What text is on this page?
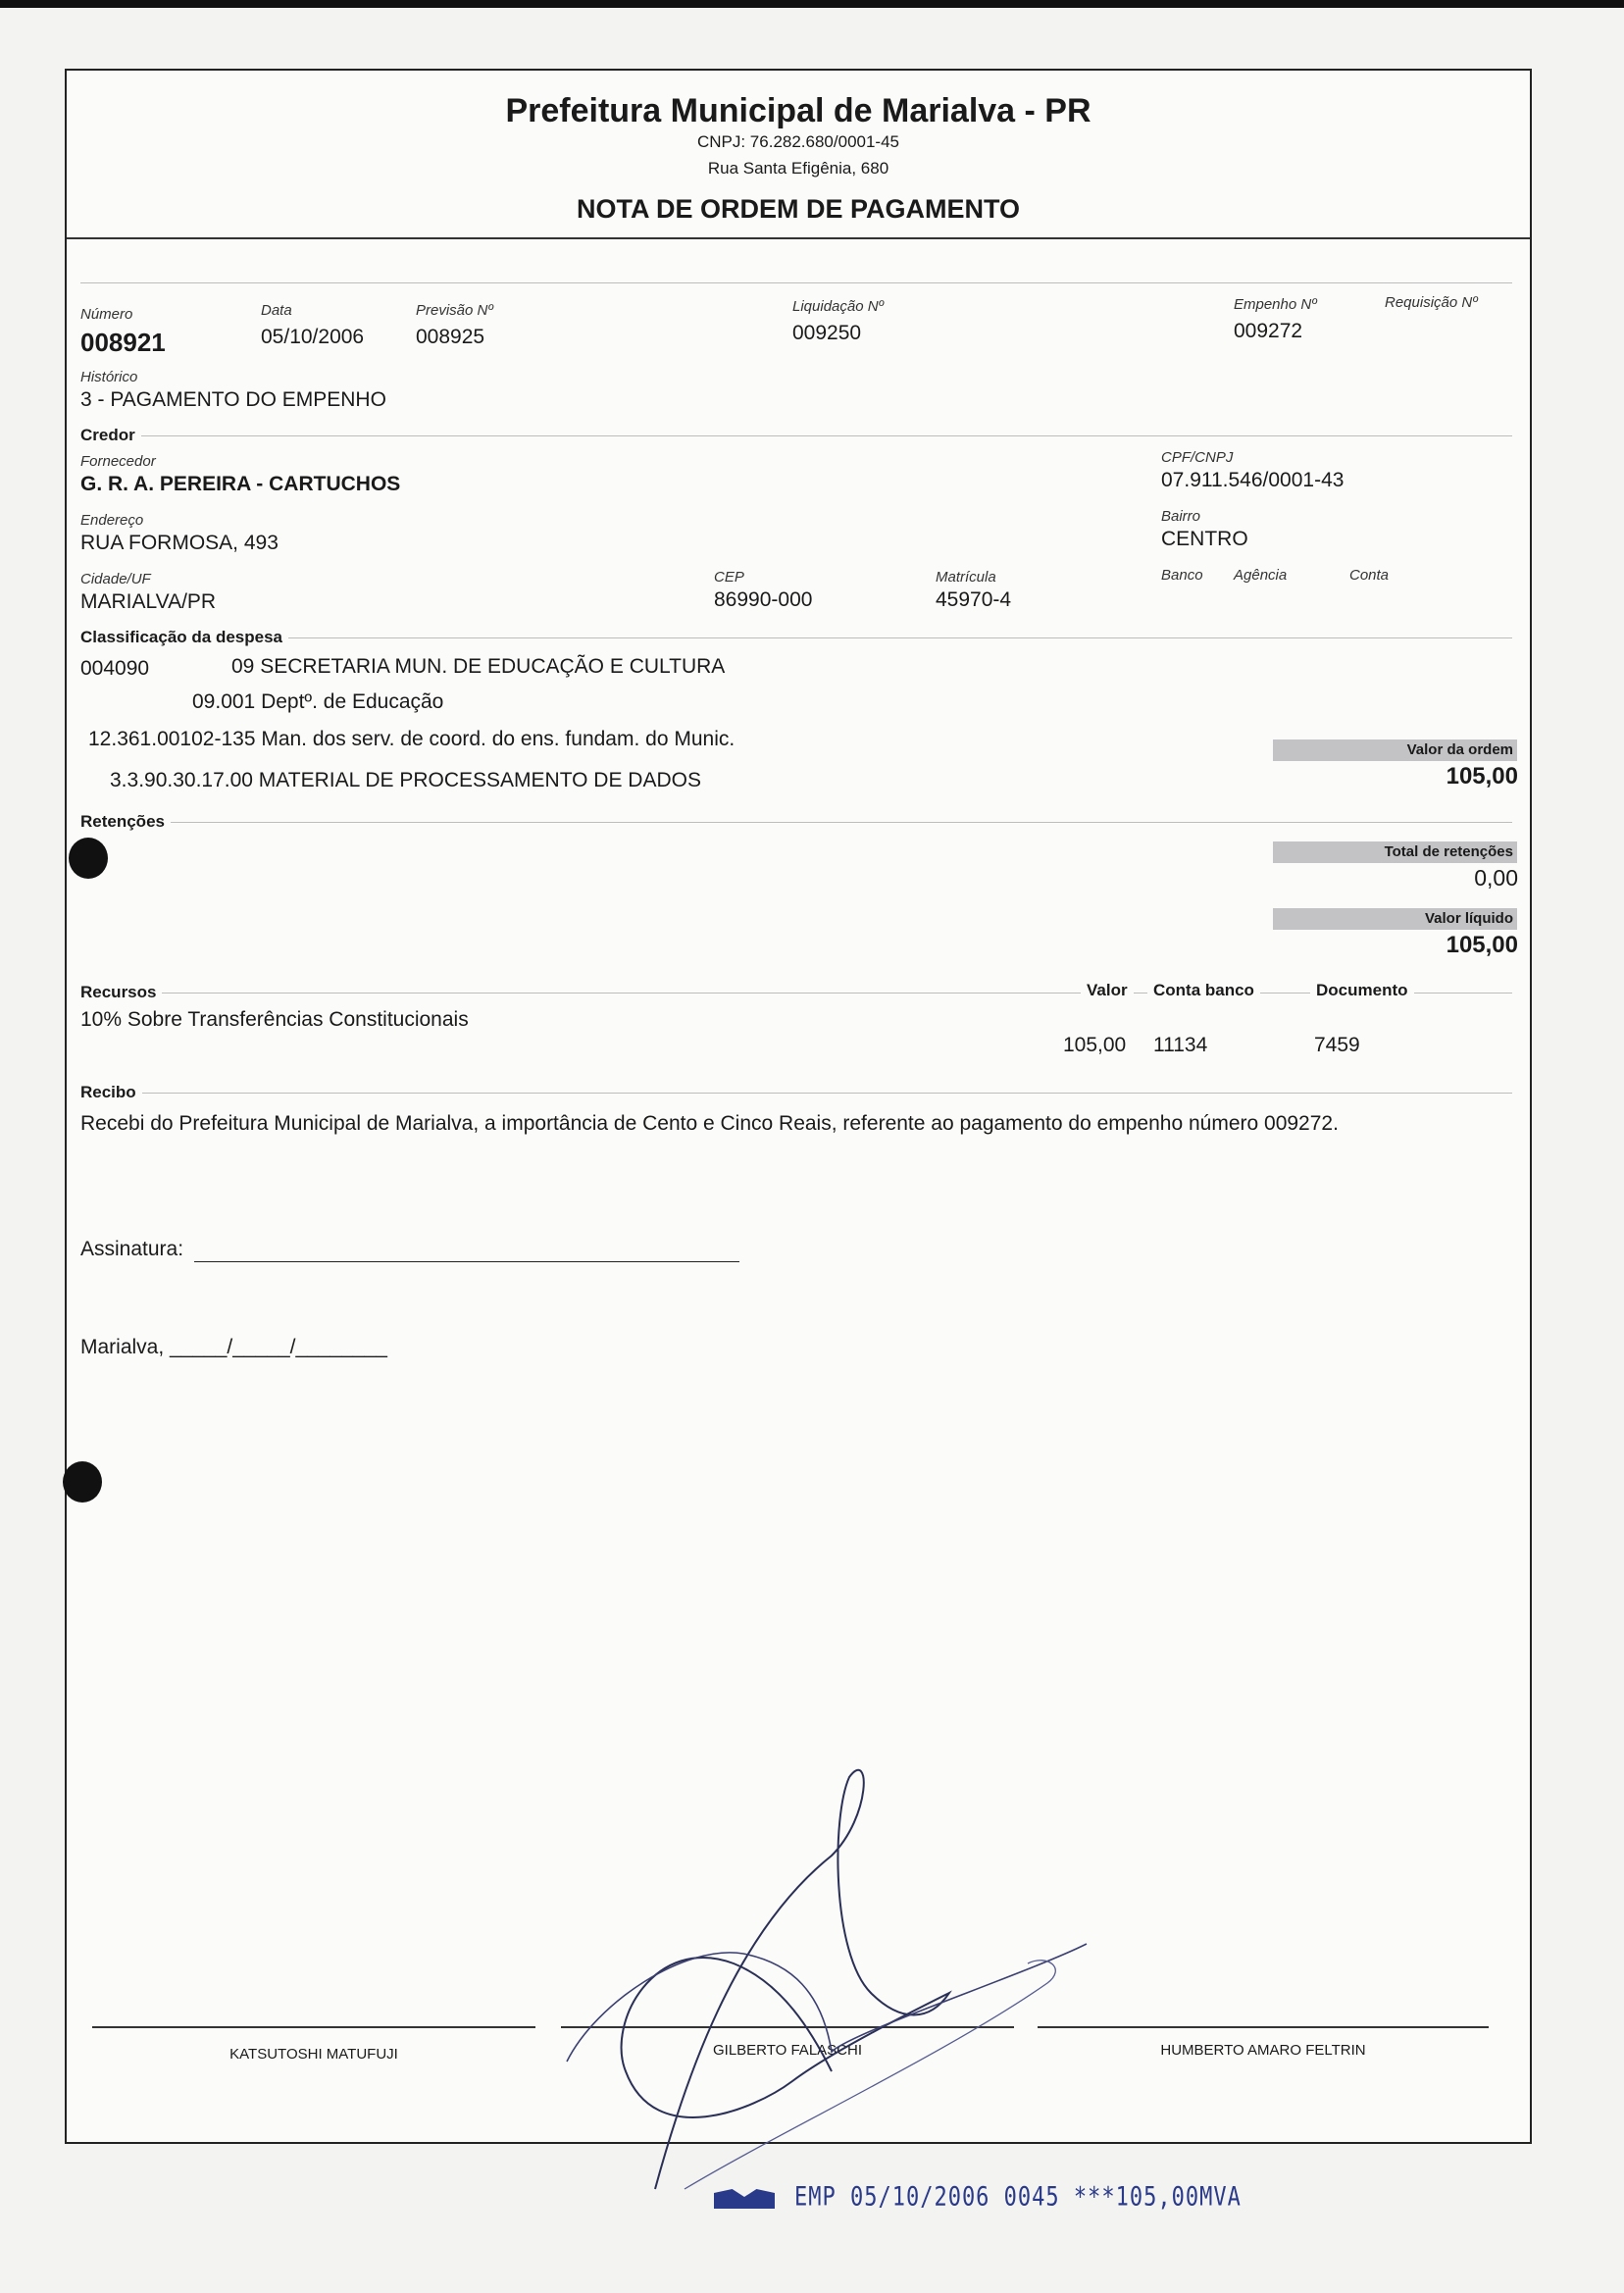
Prefeitura Municipal de Marialva - PR
CNPJ: 76.282.680/0001-45
Rua Santa Efigênia, 680
NOTA DE ORDEM DE PAGAMENTO
Número
008921
Data
05/10/2006
Previsão Nº
008925
Liquidação Nº
009250
Empenho Nº
009272
Requisição Nº
Histórico
3 - PAGAMENTO DO EMPENHO
Credor
Fornecedor
G. R. A. PEREIRA - CARTUCHOS
CPF/CNPJ
07.911.546/0001-43
Endereço
RUA FORMOSA, 493
Bairro
CENTRO
Cidade/UF
MARIALVA/PR
CEP
86990-000
Matrícula
45970-4
Banco Agência	Conta
Classificação da despesa
004090	09 SECRETARIA MUN. DE EDUCAÇÃO E CULTURA
09.001 Deptº. de Educação
12.361.00102-135 Man. dos serv. de coord. do ens. fundam. do Munic.
3.3.90.30.17.00 MATERIAL DE PROCESSAMENTO DE DADOS
Valor da ordem
105,00
Retenções
Total de retenções
0,00
Valor líquido
105,00
Recursos	Valor	Conta banco	Documento
10% Sobre Transferências Constitucionais
105,00 11134	7459
Recibo
Recebi do Prefeitura Municipal de Marialva, a importância de Cento e Cinco Reais, referente ao pagamento do empenho número 009272.
Assinatura:
Marialva, _____/_____/________
KATSUTOSHI MATUFUJI	GILBERTO FALASCHI	HUMBERTO AMARO FELTRIN
EMP 05/10/2006 0045 ***105,00MVA
